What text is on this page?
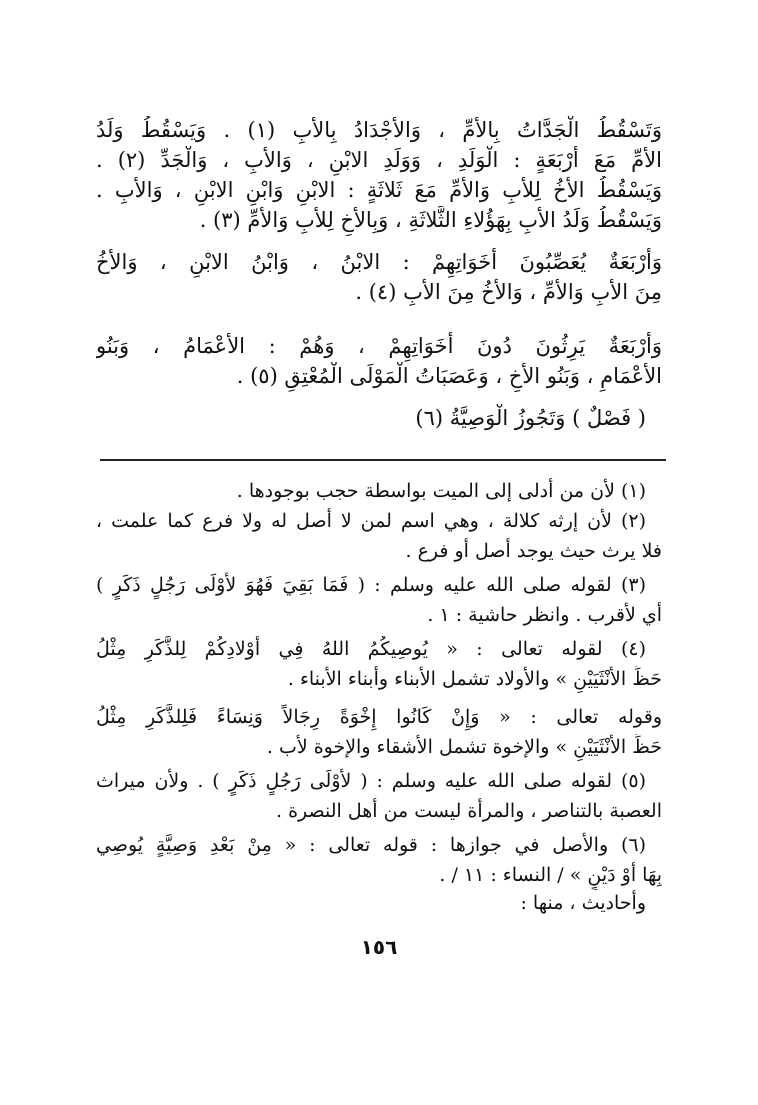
وَتَسْقُطُ الْجَدَّاتُ بِالأُمِّ ، وَالأَجْدَادُ بِالأَبِ (١) . وَيَسْقُطُ وَلَدُ
الأُمِّ مَعَ أَرْبَعَةٍ : الْوَلَدِ ، وَوَلَدِ الابْنِ ، وَالأَبِ ، وَالْجَدِّ (٢) .
وَيَسْقُطُ الأَخُ لِلأَبِ وَالأُمِّ مَعَ ثَلاثَةٍ : الابْنِ وَابْنِ الابْنِ ، وَالأَبِ .
وَيَسْقُطُ وَلَدُ الأَبِ بِهَؤُلاءِ الثَّلاثَةِ ، وَبِالأَخِ لِلأَبِ وَالأُمِّ (٣) .
وَأَرْبَعَةٌ يُعَصِّبُونَ أَخَوَاتِهِمْ : الابْنُ ، وَابْنُ الابْنِ ، وَالأَخُ
مِنَ الأَبِ وَالأُمِّ ، وَالأَخُ مِنَ الأَبِ (٤) .
وَأَرْبَعَةٌ يَرِثُونَ دُونَ أَخَوَاتِهِمْ ، وَهُمْ : الأَعْمَامُ ، وَبَنُو
الأَعْمَامِ ، وَبَنُو الأَخِ ، وَعَصَبَاتُ الْمَوْلَى الْمُعْتِقِ (٥) .
( فَصْلٌ ) وَتَجُوزُ الْوَصِيَّةُ (٦)
(١) لأن من أدلى إلى الميت بواسطة حجب بوجودها .
(٢) لأن إرثه كلالة ، وهي اسم لمن لا أصل له ولا فرع كما علمت ،
فلا يرث حيث يوجد أصل أو فرع .
(٣) لقوله صلى الله عليه وسلم : ( فَمَا بَقِيَ فَهُوَ لأَوْلَى رَجُلٍ ذَكَرٍ )
أي لأقرب . وانظر حاشية : ١ .
(٤) لقوله تعالى : « يُوصِيكُمُ اللهُ فِي أَوْلادِكُمْ لِلذَّكَرِ مِثْلُ
حَظِّ الأُنْثَيَيْنِ » والأولاد تشمل الأبناء وأبناء الأبناء .
وقوله تعالى : « وَإِنْ كَانُوا إِخْوَةً رِجَالاً وَنِسَاءً فَلِلذَّكَرِ مِثْلُ
حَظِّ الأُنْثَيَيْنِ » والإخوة تشمل الأشقاء والإخوة لأب .
(٥) لقوله صلى الله عليه وسلم : ( لأَوْلَى رَجُلٍ ذَكَرٍ ) . ولأن ميراث
العصبة بالتناصر ، والمرأة ليست من أهل النصرة .
(٦) والأصل في جوازها : قوله تعالى : « مِنْ بَعْدِ وَصِيَّةٍ يُوصِي
بِهَا أَوْ دَيْنٍ » / النساء : ١١ / .
وأحاديث ، منها :
١٥٦
